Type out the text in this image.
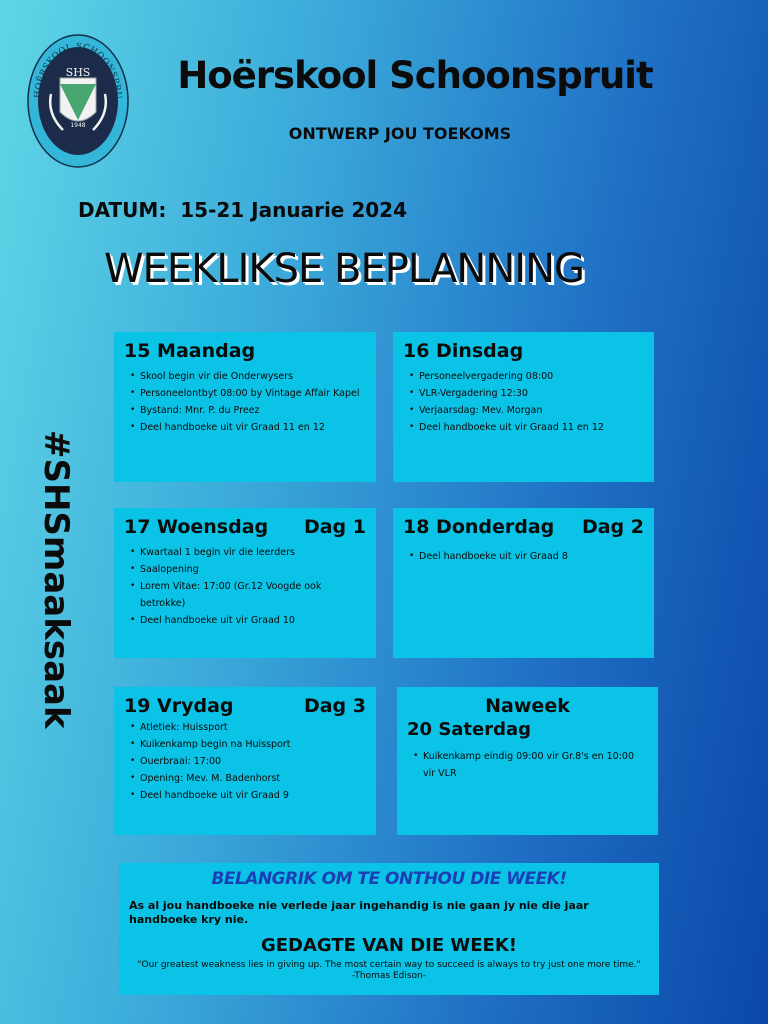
HOËRSKOOL SCHOONSPRU
SHS
1948
Hoërskool Schoonspruit
ONTWERP JOU TOEKOMS
DATUM:  15-21 Januarie 2024
WEEKLIKSE BEPLANNING
#SHSmaaksaak
15 Maandag
• Skool begin vir die Onderwysers
• Personeelontbyt 08:00 by Vintage Affair Kapel
• Bystand: Mnr. P. du Preez
• Deel handboeke uit vir Graad 11 en 12
16 Dinsdag
• Personeelvergadering 08:00
• VLR-Vergadering 12:30
• Verjaarsdag: Mev. Morgan
• Deel handboeke uit vir Graad 11 en 12
17 Woensdag Dag 1
• Kwartaal 1 begin vir die leerders
• Saalopening
• Lorem Vitae: 17:00 (Gr.12 Voogde ook betrokke)
• Deel handboeke uit vir Graad 10
18 Donderdag Dag 2
• Deel handboeke uit vir Graad 8
19 Vrydag	Dag 3
• Atletiek: Huissport
• Kuikenkamp begin na Huissport
• Ouerbraai: 17:00
• Opening: Mev. M. Badenhorst
• Deel handboeke uit vir Graad 9
Naweek
20 Saterdag
• Kuikenkamp eindig 09:00 vir Gr.8's en 10:00 vir VLR
BELANGRIK OM TE ONTHOU DIE WEEK!
As al jou handboeke nie verlede jaar ingehandig is nie gaan jy nie die jaar handboeke kry nie.
GEDAGTE VAN DIE WEEK!
"Our greatest weakness lies in giving up. The most certain way to succeed is always to try just one more time."
-Thomas Edison-
